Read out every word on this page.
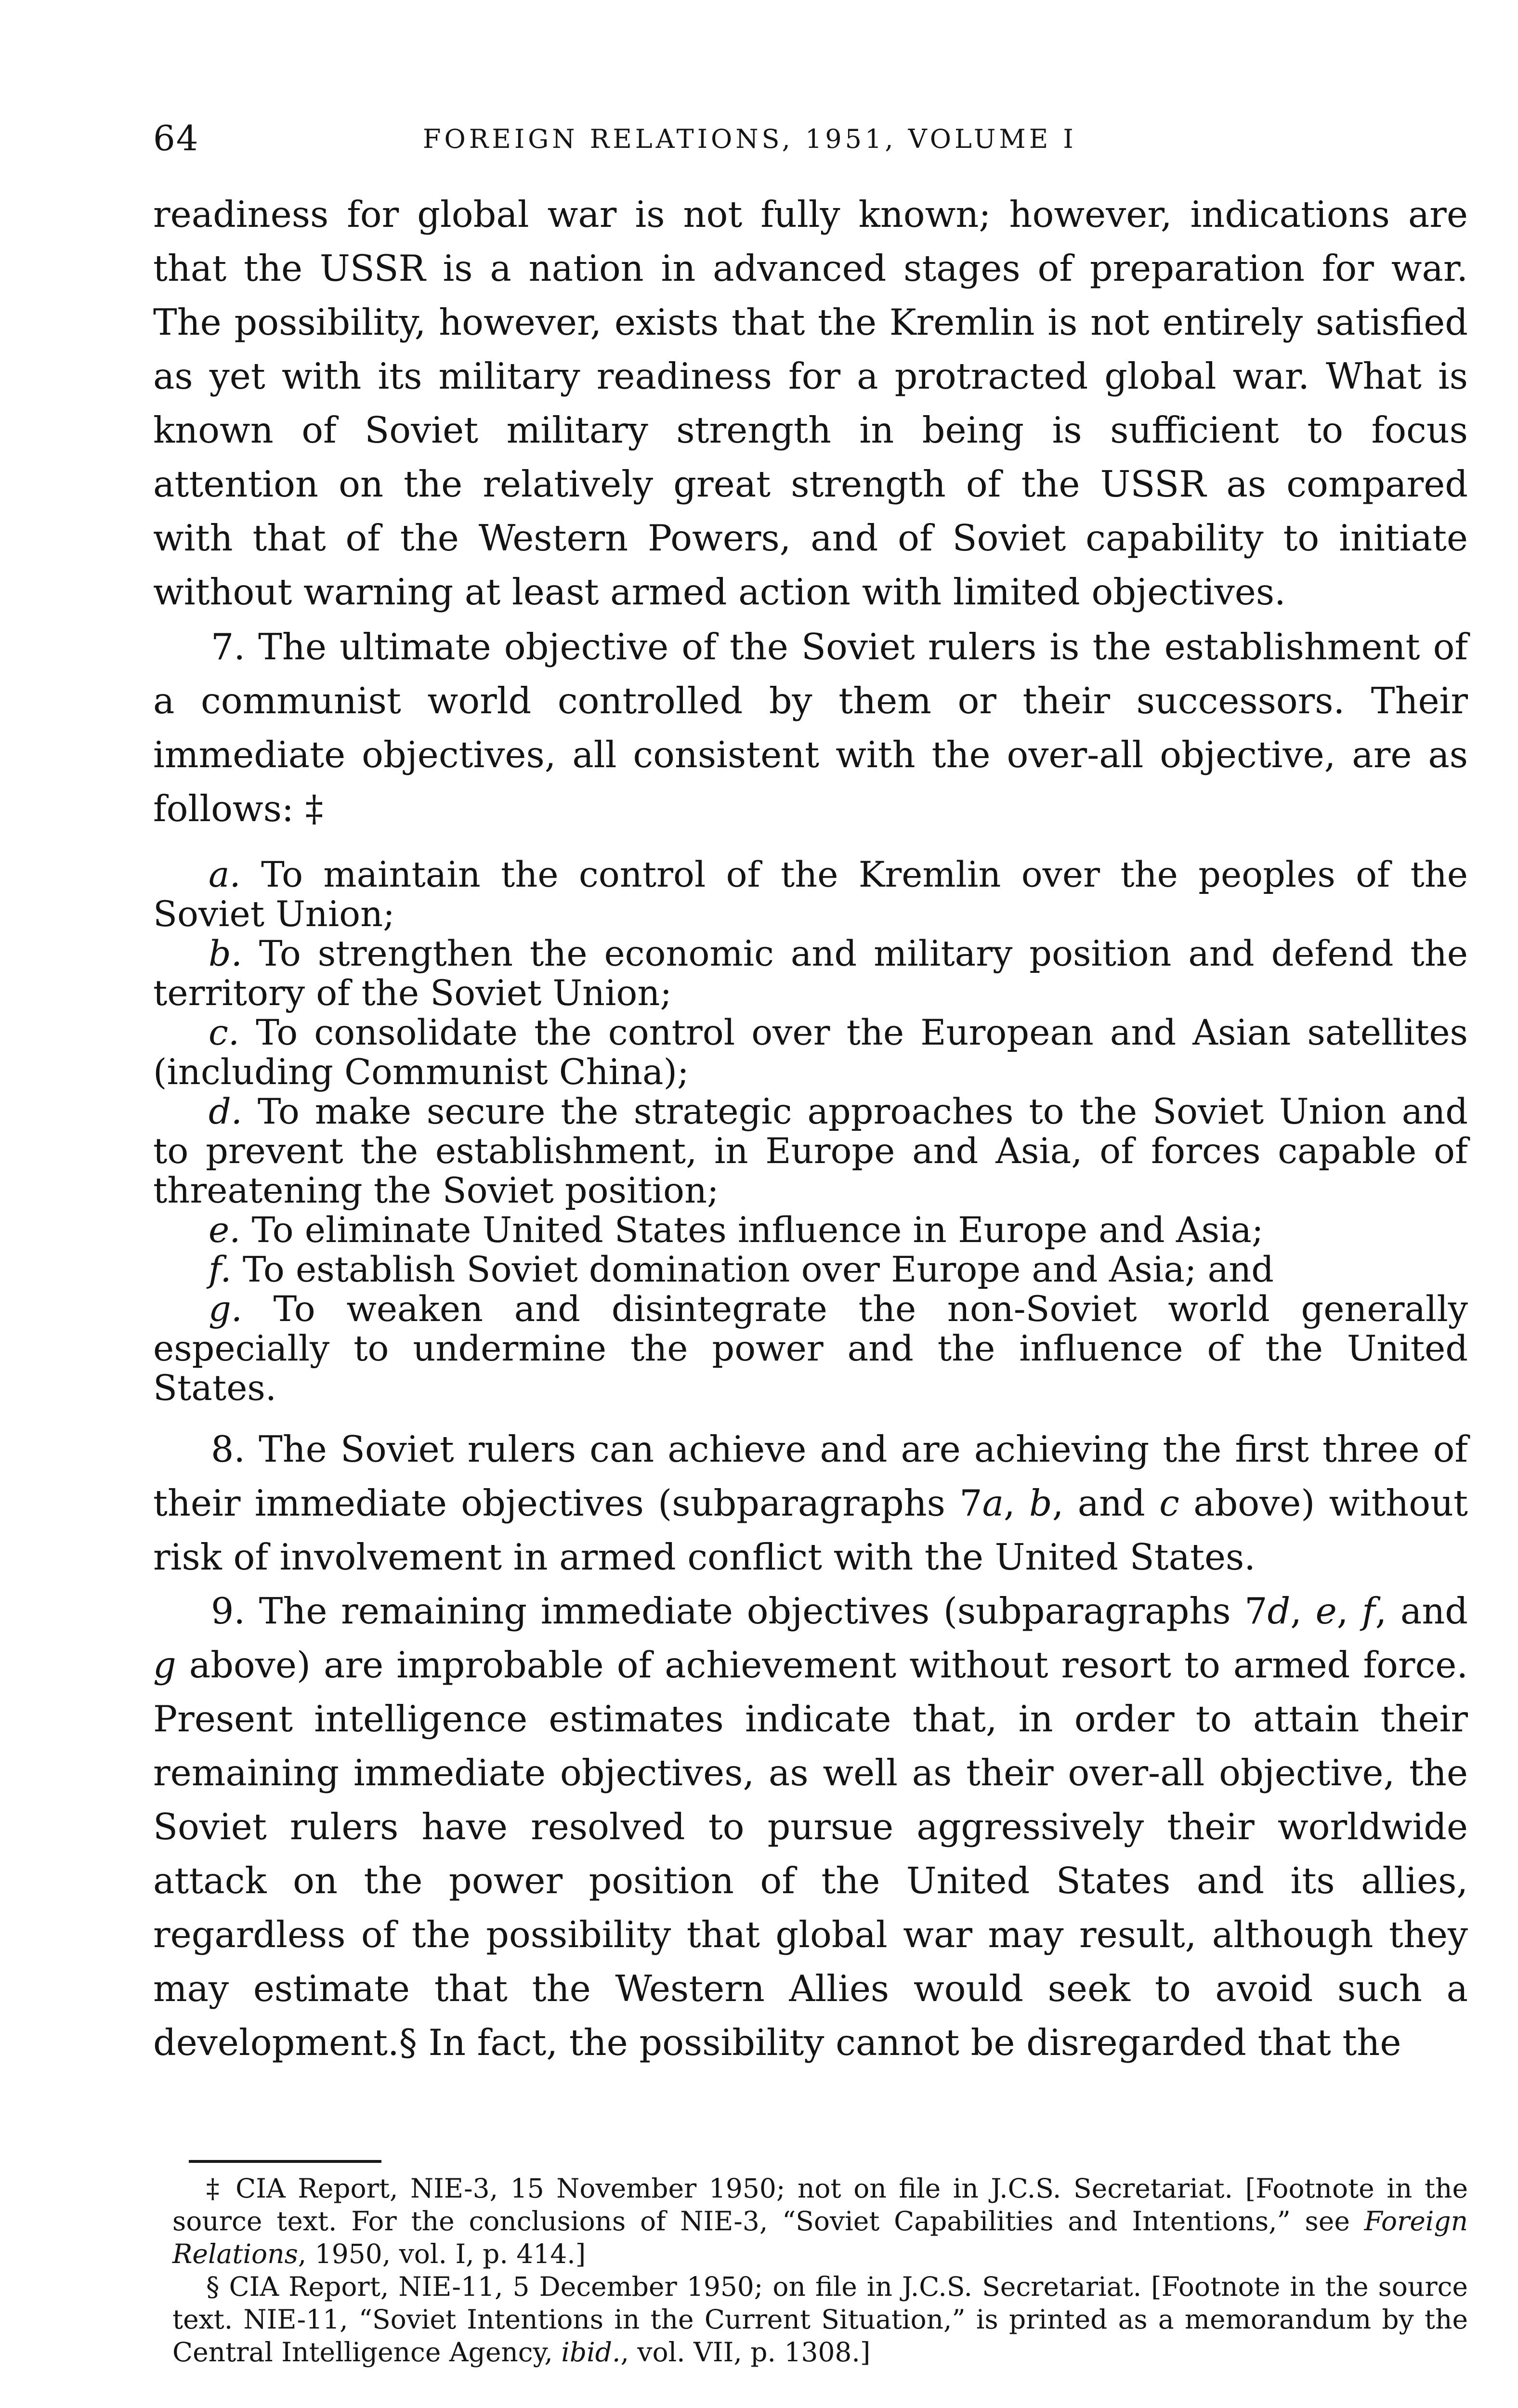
64	FOREIGN RELATIONS, 1951, VOLUME I

readiness for global war is not fully known; however, indications are that the USSR is a nation in advanced stages of preparation for war. The possibility, however, exists that the Kremlin is not entirely satisfied as yet with its military readiness for a protracted global war. What is known of Soviet military strength in being is sufficient to focus attention on the relatively great strength of the USSR as compared with that of the Western Powers, and of Soviet capability to initiate without warning at least armed action with limited objectives.

7. The ultimate objective of the Soviet rulers is the establishment of a communist world controlled by them or their successors. Their immediate objectives, all consistent with the over-all objective, are as follows: ‡

a. To maintain the control of the Kremlin over the peoples of the Soviet Union;
b. To strengthen the economic and military position and defend the territory of the Soviet Union;
c. To consolidate the control over the European and Asian satellites (including Communist China);
d. To make secure the strategic approaches to the Soviet Union and to prevent the establishment, in Europe and Asia, of forces capable of threatening the Soviet position;
e. To eliminate United States influence in Europe and Asia;
f. To establish Soviet domination over Europe and Asia; and
g. To weaken and disintegrate the non-Soviet world generally especially to undermine the power and the influence of the United States.

8. The Soviet rulers can achieve and are achieving the first three of their immediate objectives (subparagraphs 7a, b, and c above) without risk of involvement in armed conflict with the United States.

9. The remaining immediate objectives (subparagraphs 7d, e, f, and g above) are improbable of achievement without resort to armed force. Present intelligence estimates indicate that, in order to attain their remaining immediate objectives, as well as their over-all objective, the Soviet rulers have resolved to pursue aggressively their worldwide attack on the power position of the United States and its allies, regardless of the possibility that global war may result, although they may estimate that the Western Allies would seek to avoid such a development.§ In fact, the possibility cannot be disregarded that the

‡ CIA Report, NIE-3, 15 November 1950; not on file in J.C.S. Secretariat. [Footnote in the source text. For the conclusions of NIE-3, “Soviet Capabilities and Intentions,” see Foreign Relations, 1950, vol. I, p. 414.]

§ CIA Report, NIE-11, 5 December 1950; on file in J.C.S. Secretariat. [Footnote in the source text. NIE-11, “Soviet Intentions in the Current Situation,” is printed as a memorandum by the Central Intelligence Agency, ibid., vol. VII, p. 1308.]
